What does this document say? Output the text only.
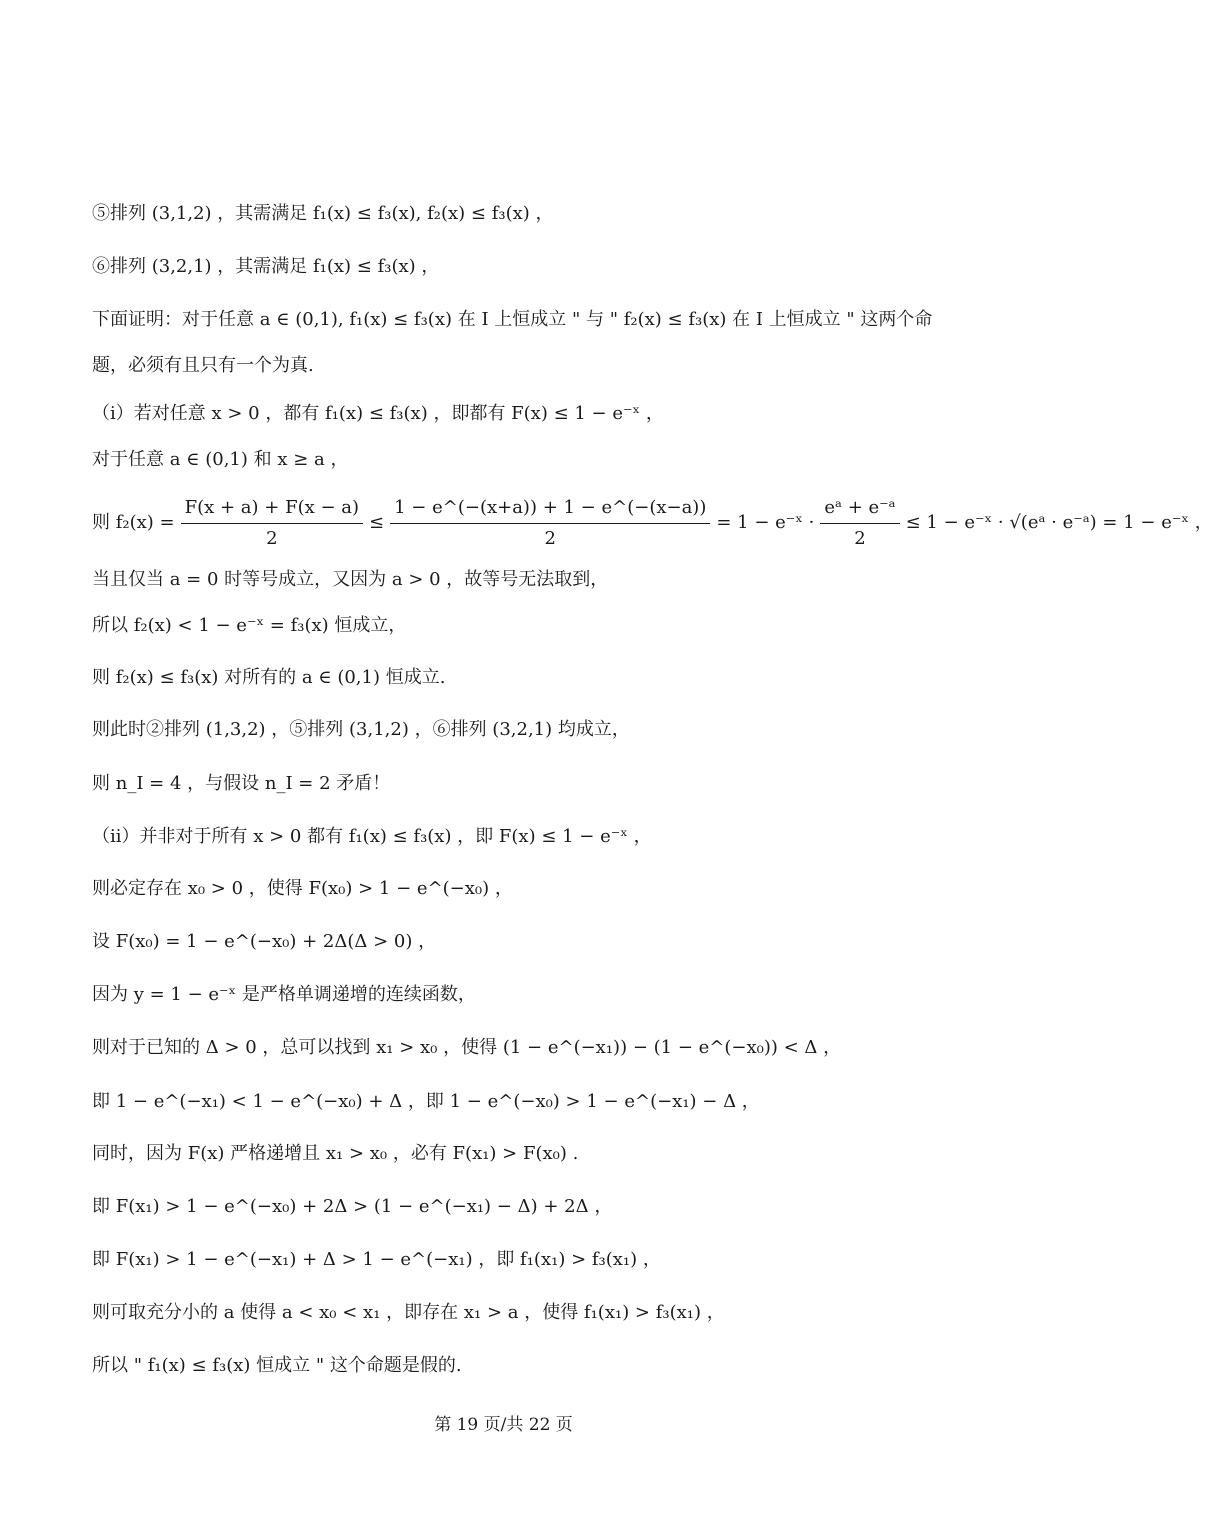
⑤排列 (3,1,2) ，其需满足 f₁(x) ≤ f₃(x), f₂(x) ≤ f₃(x) ，
⑥排列 (3,2,1) ，其需满足 f₁(x) ≤ f₃(x) ，
下面证明：对于任意 a ∈ (0,1), f₁(x) ≤ f₃(x) 在 I 上恒成立 " 与 " f₂(x) ≤ f₃(x) 在 I 上恒成立 " 这两个命
题，必须有且只有一个为真.
（i）若对任意 x > 0 ，都有 f₁(x) ≤ f₃(x) ，即都有 F(x) ≤ 1 − e⁻ˣ ，
对于任意 a ∈ (0,1) 和 x ≥ a ，
当且仅当 a = 0 时等号成立，又因为 a > 0 ，故等号无法取到，
所以 f₂(x) < 1 − e⁻ˣ = f₃(x) 恒成立，
则 f₂(x) ≤ f₃(x) 对所有的 a ∈ (0,1) 恒成立.
则此时②排列 (1,3,2) ，⑤排列 (3,1,2) ，⑥排列 (3,2,1) 均成立，
则 n_I = 4 ，与假设 n_I = 2 矛盾！
（ii）并非对于所有 x > 0 都有 f₁(x) ≤ f₃(x) ，即 F(x) ≤ 1 − e⁻ˣ ，
则必定存在 x₀ > 0 ，使得 F(x₀) > 1 − e^(−x₀) ，
设 F(x₀) = 1 − e^(−x₀) + 2Δ(Δ > 0) ，
因为 y = 1 − e⁻ˣ 是严格单调递增的连续函数，
则对于已知的 Δ > 0 ，总可以找到 x₁ > x₀ ，使得 (1 − e^(−x₁)) − (1 − e^(−x₀)) < Δ ，
即 1 − e^(−x₁) < 1 − e^(−x₀) + Δ ，即 1 − e^(−x₀) > 1 − e^(−x₁) − Δ ，
同时，因为 F(x) 严格递增且 x₁ > x₀ ，必有 F(x₁) > F(x₀) .
即 F(x₁) > 1 − e^(−x₀) + 2Δ > (1 − e^(−x₁) − Δ) + 2Δ ，
即 F(x₁) > 1 − e^(−x₁) + Δ > 1 − e^(−x₁) ，即 f₁(x₁) > f₃(x₁) ，
则可取充分小的 a 使得 a < x₀ < x₁ ，即存在 x₁ > a ，使得 f₁(x₁) > f₃(x₁) ，
所以 " f₁(x) ≤ f₃(x) 恒成立 " 这个命题是假的.
则 $f_2(x) = \frac{F(x + a) + F(x - a)}{2} \le \frac{1 - e\^{}(-(x+a)) + 1 - e\^{}(-(x-a))}{2} = 1$ − e⁻ˣ · $\frac{\text{eᵃ + e⁻ᵃ}}{2} \le 1$ − e⁻ˣ · √(eᵃ · e⁻ᵃ) = 1 − e⁻ˣ ，
第 19 页/共 22 页
